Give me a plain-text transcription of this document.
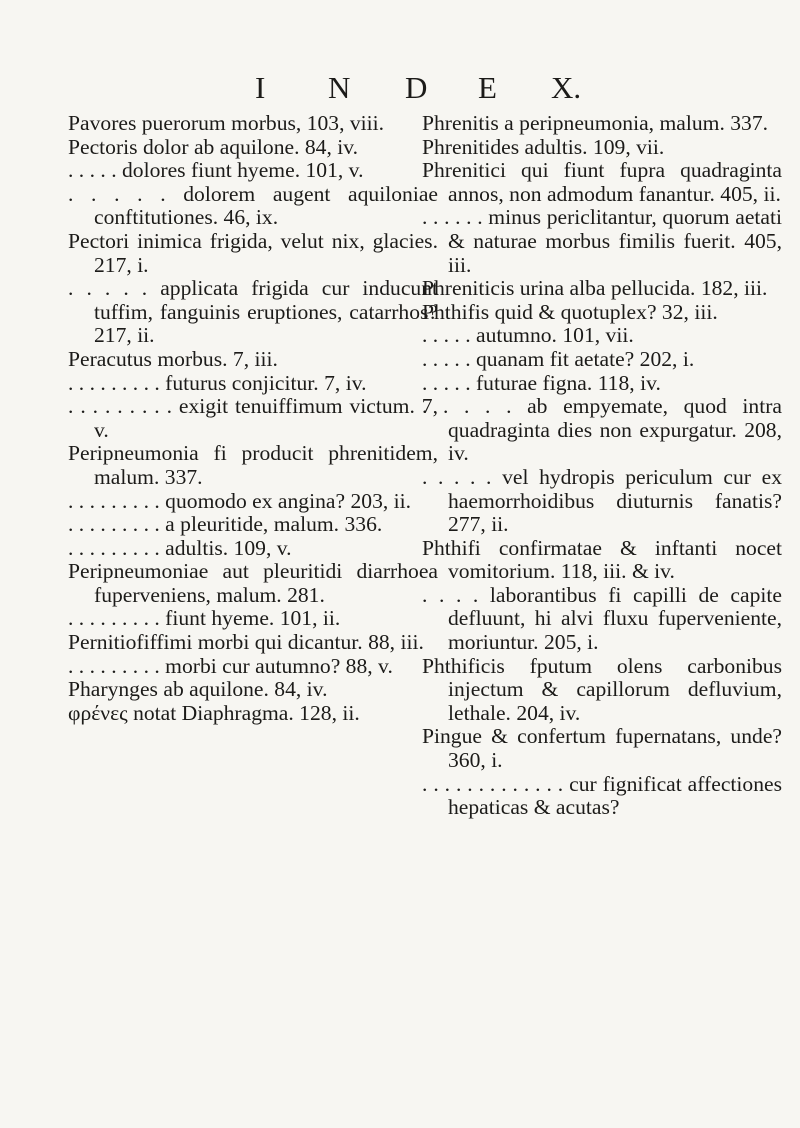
I N D E X.

Pavores puerorum morbus, 103, viii.

Pectoris dolor ab aquilone. 84, iv.

. . . . . dolores fiunt hyeme. 101, v.

. . . . . dolorem augent aquiloniae conftitutiones. 46, ix.

Pectori inimica frigida, velut nix, glacies. 217, i.

. . . . . applicata frigida cur inducunt tuffim, fanguinis eruptiones, catarrhos? 217, ii.

Peracutus morbus. 7, iii.

. . . . . . . . . futurus conjicitur. 7, iv.

. . . . . . . . . exigit tenuiffimum victum. 7, v.

Peripneumonia fi producit phrenitidem, malum. 337.

. . . . . . . . . quomodo ex angina? 203, ii.

. . . . . . . . . a pleuritide, malum. 336.

. . . . . . . . . adultis. 109, v.

Peripneumoniae aut pleuritidi diarrhoea fuperveniens, malum. 281.

. . . . . . . . . fiunt hyeme. 101, ii.

Pernitiofiffimi morbi qui dicantur. 88, iii.

. . . . . . . . . morbi cur autumno? 88, v.

Pharynges ab aquilone. 84, iv.

φρένες notat Diaphragma. 128, ii.

Phrenitis a peripneumonia, malum. 337.

Phrenitides adultis. 109, vii.

Phrenitici qui fiunt fupra quadraginta annos, non admodum fanantur. 405, ii.

. . . . . . minus periclitantur, quorum aetati & naturae morbus fimilis fuerit. 405, iii.

Phreniticis urina alba pellucida. 182, iii.

Phthifis quid & quotuplex? 32, iii.

. . . . . autumno. 101, vii.

. . . . . quanam fit aetate? 202, i.

. . . . . futurae figna. 118, iv.

. . . . . ab empyemate, quod intra quadraginta dies non expurgatur. 208, iv.

. . . . . vel hydropis periculum cur ex haemorrhoidibus diuturnis fanatis? 277, ii.

Phthifi confirmatae & inftanti nocet vomitorium. 118, iii. & iv.

. . . . laborantibus fi capilli de capite defluunt, hi alvi fluxu fuperveniente, moriuntur. 205, i.

Phthificis fputum olens carbonibus injectum & capillorum defluvium, lethale. 204, iv.

Pingue & confertum fupernatans, unde? 360, i.

. . . . . . . . . . . . . cur fignificat affectiones hepaticas & acutas?
